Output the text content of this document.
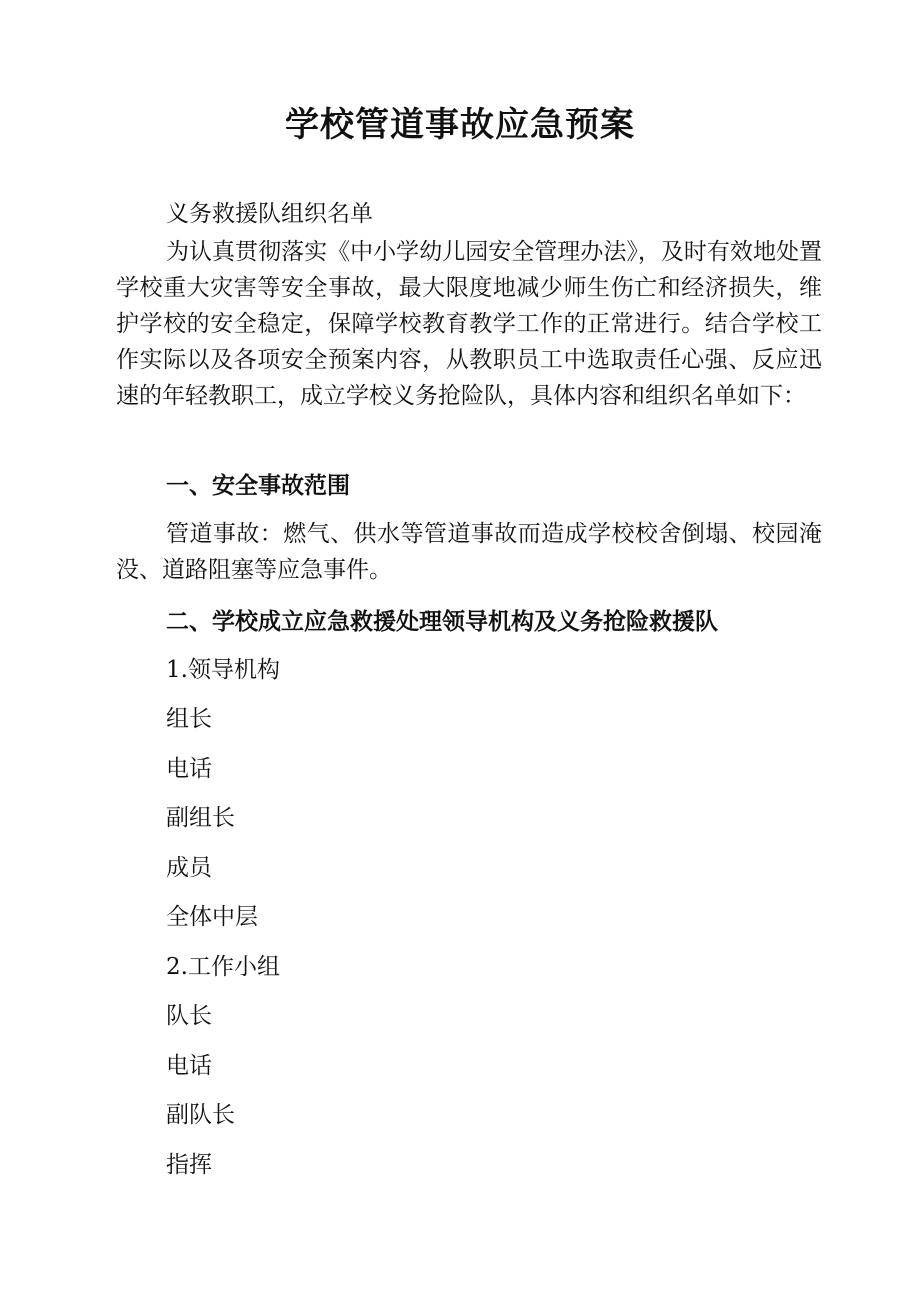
学校管道事故应急预案
义务救援队组织名单
为认真贯彻落实《中小学幼儿园安全管理办法》，及时有效地处置学校重大灾害等安全事故，最大限度地减少师生伤亡和经济损失，维护学校的安全稳定，保障学校教育教学工作的正常进行。结合学校工作实际以及各项安全预案内容，从教职员工中选取责任心强、反应迅速的年轻教职工，成立学校义务抢险队，具体内容和组织名单如下：
一、安全事故范围
管道事故：燃气、供水等管道事故而造成学校校舍倒塌、校园淹没、道路阻塞等应急事件。
二、学校成立应急救援处理领导机构及义务抢险救援队
1.领导机构
组长
电话
副组长
成员
全体中层
2.工作小组
队长
电话
副队长
指挥
